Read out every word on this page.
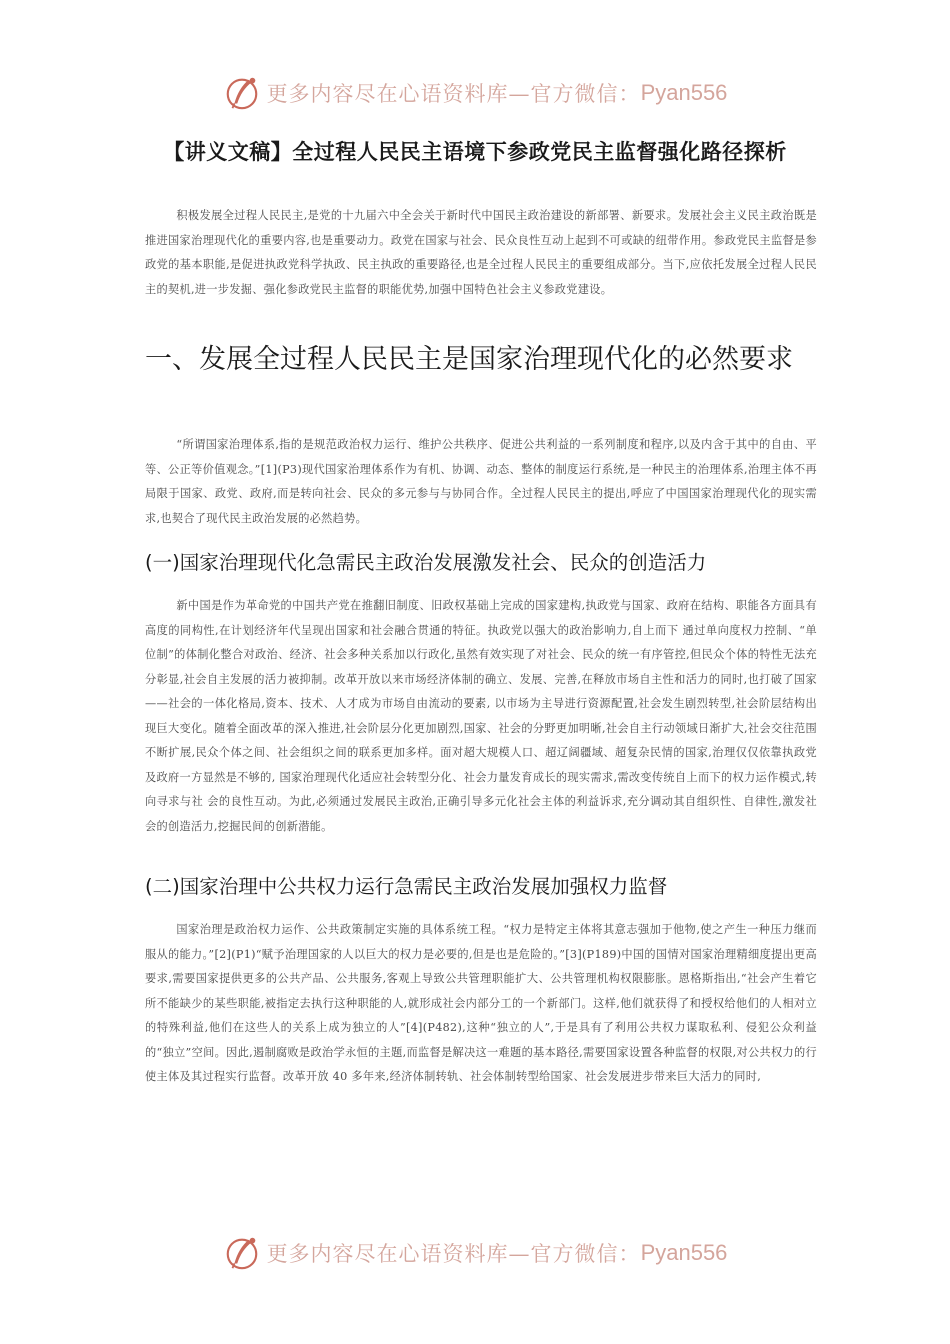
更多内容尽在心语资料库—官方微信： Pyan556
【讲义文稿】全过程人民民主语境下参政党民主监督强化路径探析

积极发展全过程人民民主,是党的十九届六中全会关于新时代中国民主政治建设的新部署、新要求。发展社会主义民主政治既是推进国家治理现代化的重要内容,也是重要动力。政党在国家与社会、民众良性互动上起到不可或缺的纽带作用。参政党民主监督是参政党的基本职能,是促进执政党科学执政、民主执政的重要路径,也是全过程人民民主的重要组成部分。当下,应依托发展全过程人民民主的契机,进一步发掘、强化参政党民主监督的职能优势,加强中国特色社会主义参政党建设。

一、发展全过程人民民主是国家治理现代化的必然要求

“所谓国家治理体系,指的是规范政治权力运行、维护公共秩序、促进公共利益的一系列制度和程序,以及内含于其中的自由、平等、公正等价值观念。”[1](P3)现代国家治理体系作为有机、协调、动态、整体的制度运行系统,是一种民主的治理体系,治理主体不再局限于国家、政党、政府,而是转向社会、民众的多元参与与协同合作。全过程人民民主的提出,呼应了中国国家治理现代化的现实需求,也契合了现代民主政治发展的必然趋势。

(一)国家治理现代化急需民主政治发展激发社会、民众的创造活力

新中国是作为革命党的中国共产党在推翻旧制度、旧政权基础上完成的国家建构,执政党与国家、政府在结构、职能各方面具有高度的同构性,在计划经济年代呈现出国家和社会融合贯通的特征。执政党以强大的政治影响力,自上而下 通过单向度权力控制、“单位制”的体制化整合对政治、经济、社会多种关系加以行政化,虽然有效实现了对社会、民众的统一有序管控,但民众个体的特性无法充分彰显,社会自主发展的活力被抑制。改革开放以来市场经济体制的确立、发展、完善,在释放市场自主性和活力的同时,也打破了国家——社会的一体化格局,资本、技术、人才成为市场自由流动的要素, 以市场为主导进行资源配置,社会发生剧烈转型,社会阶层结构出现巨大变化。随着全面改革的深入推进,社会阶层分化更加剧烈,国家、社会的分野更加明晰,社会自主行动领域日渐扩大,社会交往范围不断扩展,民众个体之间、社会组织之间的联系更加多样。面对超大规模人口、超辽阔疆域、超复杂民情的国家,治理仅仅依靠执政党及政府一方显然是不够的, 国家治理现代化适应社会转型分化、社会力量发育成长的现实需求,需改变传统自上而下的权力运作模式,转向寻求与社 会的良性互动。为此,必须通过发展民主政治,正确引导多元化社会主体的利益诉求,充分调动其自组织性、自律性,激发社会的创造活力,挖掘民间的创新潜能。

(二)国家治理中公共权力运行急需民主政治发展加强权力监督

国家治理是政治权力运作、公共政策制定实施的具体系统工程。“权力是特定主体将其意志强加于他物,使之产生一种压力继而服从的能力。”[2](P1)“赋予治理国家的人以巨大的权力是必要的,但是也是危险的。”[3](P189)中国的国情对国家治理精细度提出更高要求,需要国家提供更多的公共产品、公共服务,客观上导致公共管理职能扩大、公共管理机构权限膨胀。恩格斯指出,“社会产生着它所不能缺少的某些职能,被指定去执行这种职能的人,就形成社会内部分工的一个新部门。这样,他们就获得了和授权给他们的人相对立的特殊利益,他们在这些人的关系上成为独立的人”[4](P482),这种“独立的人”,于是具有了利用公共权力谋取私利、侵犯公众利益的“独立”空间。因此,遏制腐败是政治学永恒的主题,而监督是解决这一难题的基本路径,需要国家设置各种监督的权限,对公共权力的行使主体及其过程实行监督。改革开放 40 多年来,经济体制转轨、社会体制转型给国家、社会发展进步带来巨大活力的同时,

更多内容尽在心语资料库—官方微信： Pyan556
